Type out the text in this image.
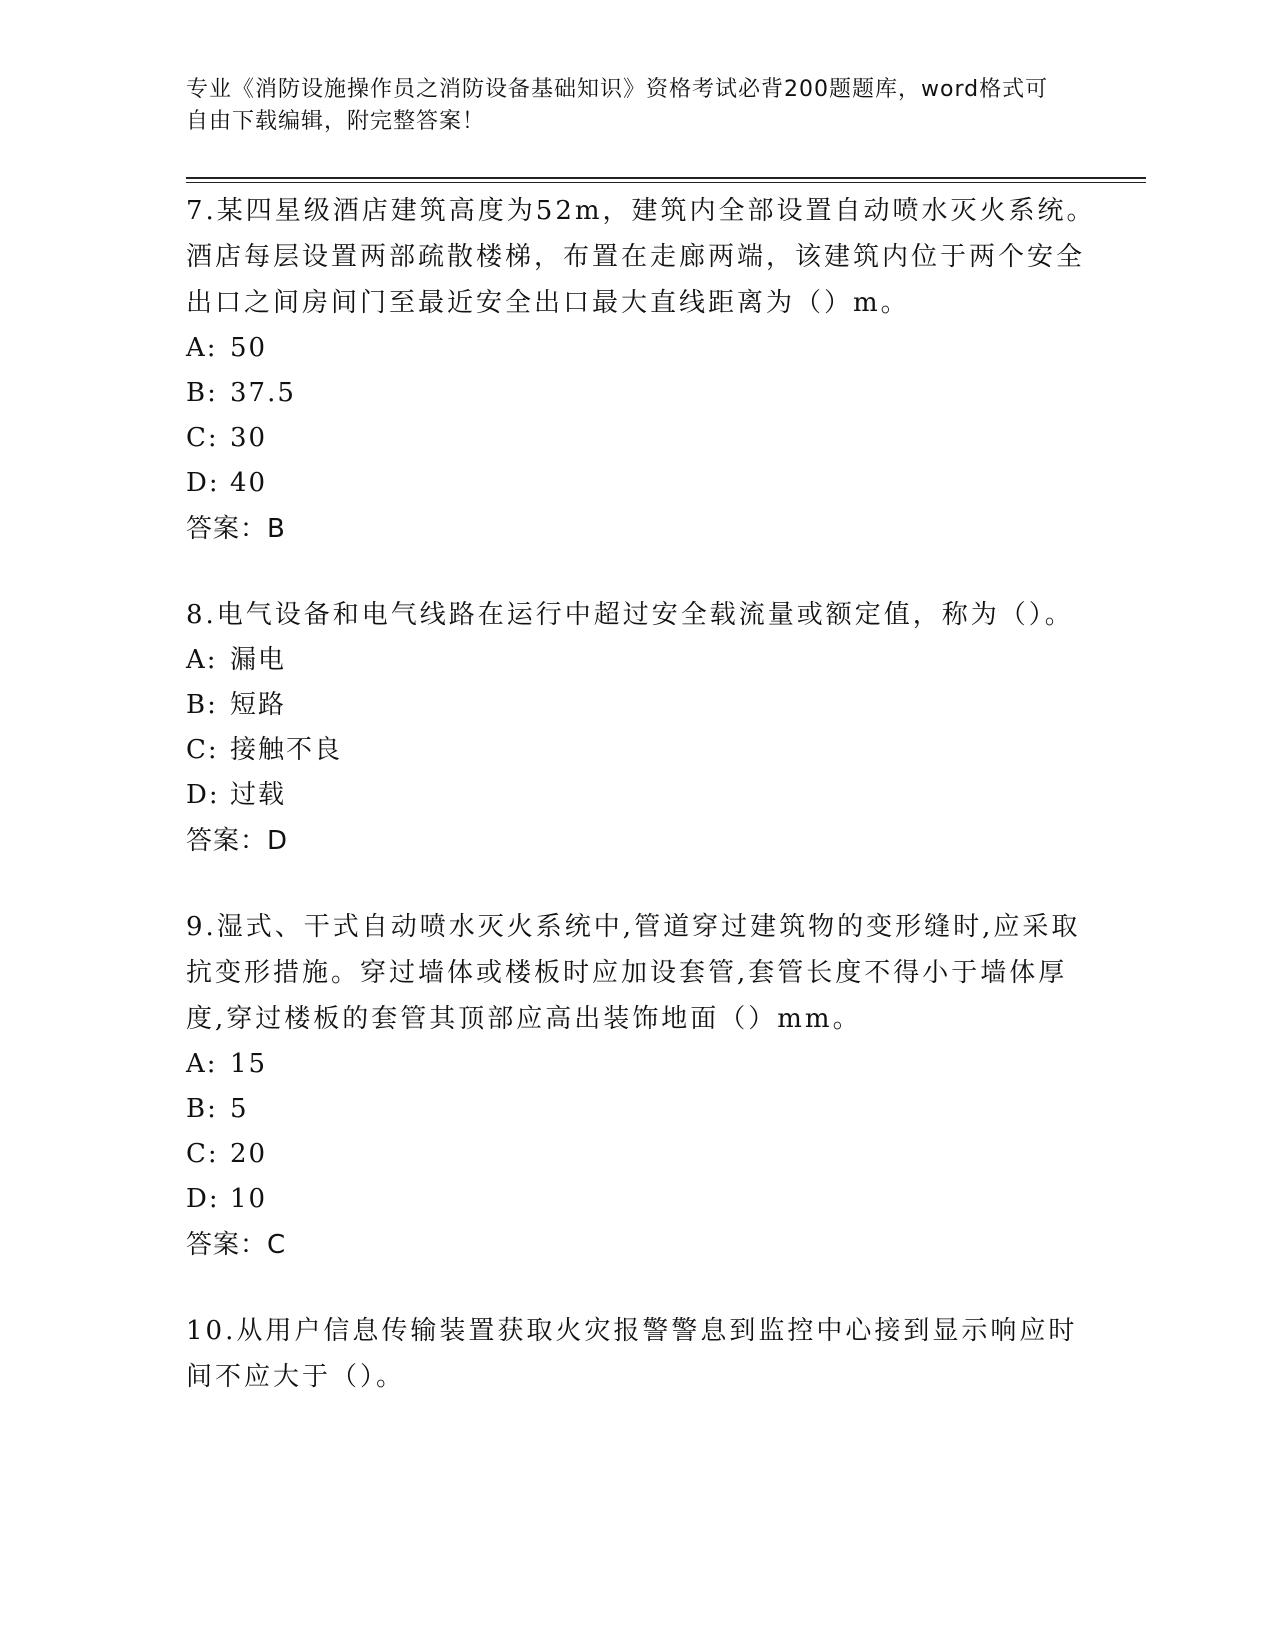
专业《消防设施操作员之消防设备基础知识》资格考试必背200题题库，word格式可自由下载编辑，附完整答案！

7.某四星级酒店建筑高度为52m，建筑内全部设置自动喷水灭火系统。酒店每层设置两部疏散楼梯，布置在走廊两端，该建筑内位于两个安全出口之间房间门至最近安全出口最大直线距离为（）m。

A: 50

B: 37.5

C: 30

D: 40

答案：B

8.电气设备和电气线路在运行中超过安全载流量或额定值，称为（）。

A: 漏电

B: 短路

C: 接触不良

D: 过载

答案：D

9.湿式、干式自动喷水灭火系统中,管道穿过建筑物的变形缝时,应采取抗变形措施。穿过墙体或楼板时应加设套管,套管长度不得小于墙体厚度,穿过楼板的套管其顶部应高出装饰地面（）mm。

A: 15

B: 5

C: 20

D: 10

答案：C

10.从用户信息传输装置获取火灾报警警息到监控中心接到显示响应时间不应大于（）。
